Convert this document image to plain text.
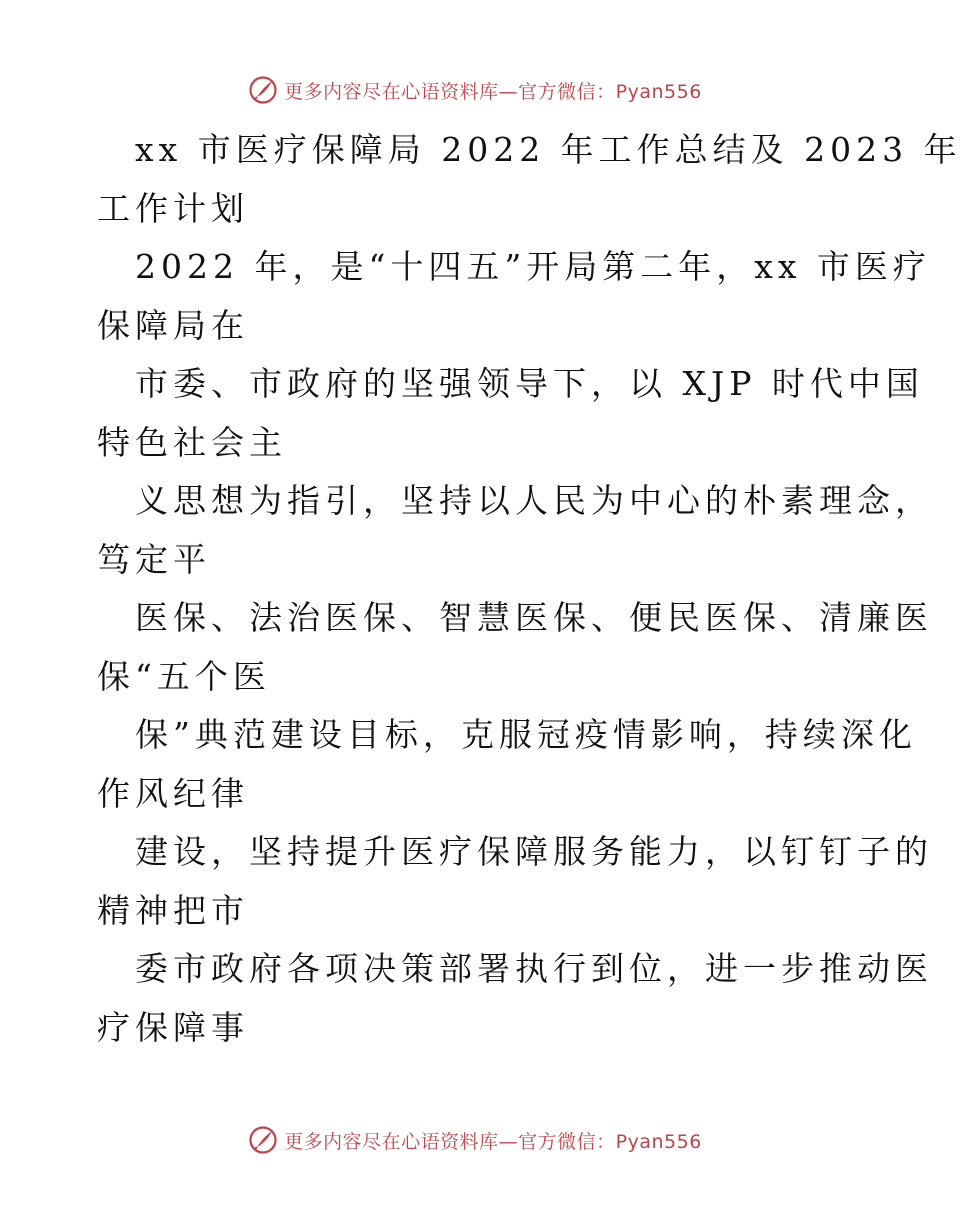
更多内容尽在心语资料库—官方微信：Pyan556
xx 市医疗保障局 2022 年工作总结及 2023 年
工作计划
2022 年，是“十四五”开局第二年，xx 市医疗
保障局在
市委、市政府的坚强领导下，以 XJP 时代中国
特色社会主
义思想为指引，坚持以人民为中心的朴素理念，
笃定平
医保、法治医保、智慧医保、便民医保、清廉医
保“五个医
保”典范建设目标，克服冠疫情影响，持续深化
作风纪律
建设，坚持提升医疗保障服务能力，以钉钉子的
精神把市
委市政府各项决策部署执行到位，进一步推动医
疗保障事
更多内容尽在心语资料库—官方微信：Pyan556
